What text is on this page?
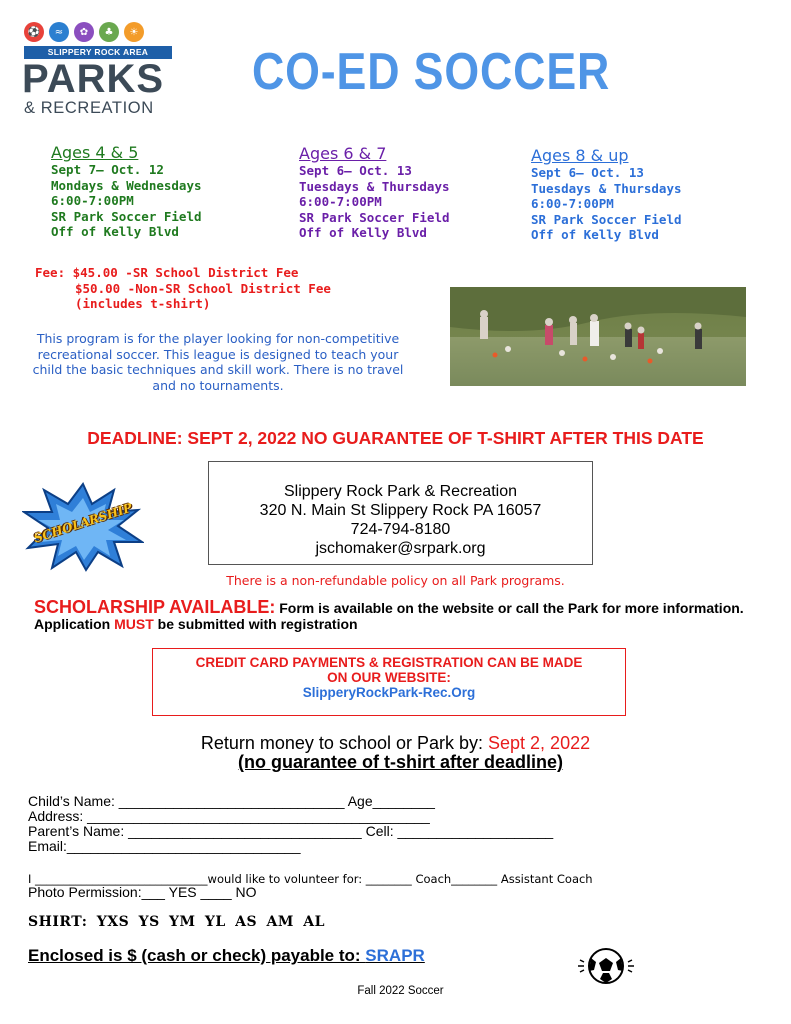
⚽	≈	✿	♣	☀
SLIPPERY ROCK AREA
PARKS
& RECREATION
CO-ED SOCCER
Ages 4 & 5
Sept 7— Oct. 12
Mondays & Wednesdays
6:00-7:00PM
SR Park Soccer Field
Off of Kelly Blvd
Ages 6 & 7
Sept 6– Oct. 13
Tuesdays & Thursdays
6:00-7:00PM
SR Park Soccer Field
Off of Kelly Blvd
Ages 8 & up
Sept 6– Oct. 13
Tuesdays & Thursdays
6:00-7:00PM
SR Park Soccer Field
Off of Kelly Blvd
Fee: $45.00 -SR School District Fee
$50.00 -Non-SR School District Fee
(includes t-shirt)
This program is for the player looking for non-competitive recreational soccer. This league is designed to teach your child the basic techniques and skill work. There is no travel and no tournaments.
DEADLINE: SEPT 2, 2022 NO GUARANTEE OF T-SHIRT AFTER THIS DATE
SCHOLARSHIP
Slippery Rock Park & Recreation
320 N. Main St Slippery Rock PA 16057
724-794-8180
jschomaker@srpark.org
There is a non-refundable policy on all Park programs.
SCHOLARSHIP AVAILABLE: Form is available on the website or call the Park for more information. Application MUST be submitted with registration
CREDIT CARD PAYMENTS & REGISTRATION CAN BE MADE
ON OUR WEBSITE:
SlipperyRockPark-Rec.Org
Return money to school or Park by: Sept 2, 2022
(no guarantee of t-shirt after deadline)
Child’s Name: _____________________________ Age________
Address: ____________________________________________
Parent’s Name: ______________________________ Cell: ____________________
Email:______________________________
I ______________________________would like to volunteer for: ________ Coach________ Assistant Coach
Photo Permission:___ YES ____ NO
SHIRT: YXS YS YM YL AS AM AL
Enclosed is $ (cash or check) payable to: SRAPR
Fall 2022 Soccer
